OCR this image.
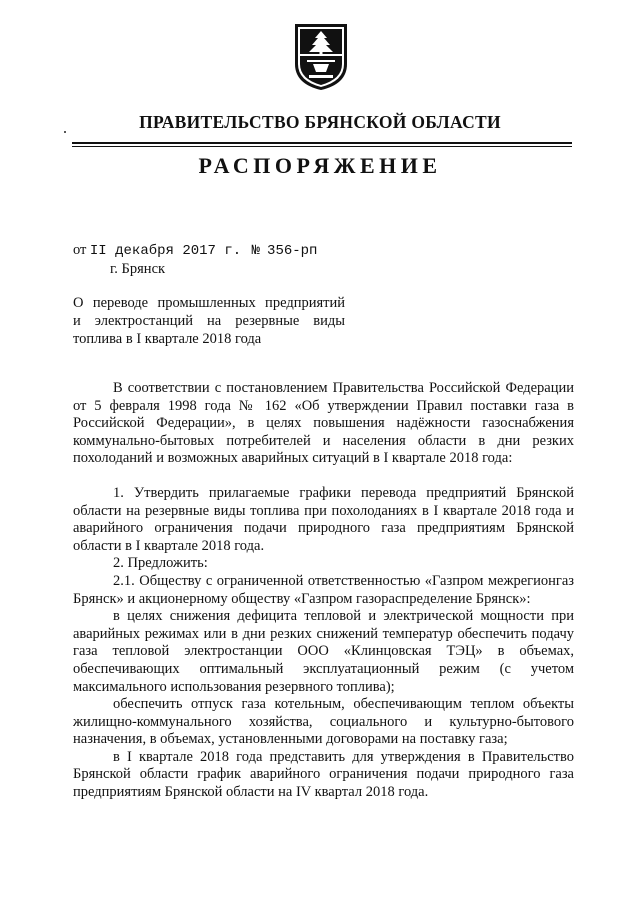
ПРАВИТЕЛЬСТВО БРЯНСКОЙ ОБЛАСТИ
РАСПОРЯЖЕНИЕ
от II декабря 2017 г. № 356-рп
г. Брянск
О переводе промышленных предприятий
и электростанций на резервные виды
топлива в I квартале 2018 года

В соответствии с постановлением Правительства Российской Федерации от 5 февраля 1998 года № 162 «Об утверждении Правил поставки газа в Российской Федерации», в целях повышения надёжности газоснабжения коммунально-бытовых потребителей и населения области в дни резких похолоданий и возможных аварийных ситуаций в I квартале 2018 года:

1. Утвердить прилагаемые графики перевода предприятий Брянской области на резервные виды топлива при похолоданиях в I квартале 2018 года и аварийного ограничения подачи природного газа предприятиям Брянской области в I квартале 2018 года.

2. Предложить:

2.1. Обществу с ограниченной ответственностью «Газпром межрегионгаз Брянск» и акционерному обществу «Газпром газораспределение Брянск»:

в целях снижения дефицита тепловой и электрической мощности при аварийных режимах или в дни резких снижений температур обеспечить подачу газа тепловой электростанции ООО «Клинцовская ТЭЦ» в объемах, обеспечивающих оптимальный эксплуатационный режим (с учетом максимального использования резервного топлива);

обеспечить отпуск газа котельным, обеспечивающим теплом объекты жилищно-коммунального хозяйства, социального и культурно-бытового назначения, в объемах, установленными договорами на поставку газа;

в I квартале 2018 года представить для утверждения в Правительство Брянской области график аварийного ограничения подачи природного газа предприятиям Брянской области на IV квартал 2018 года.
